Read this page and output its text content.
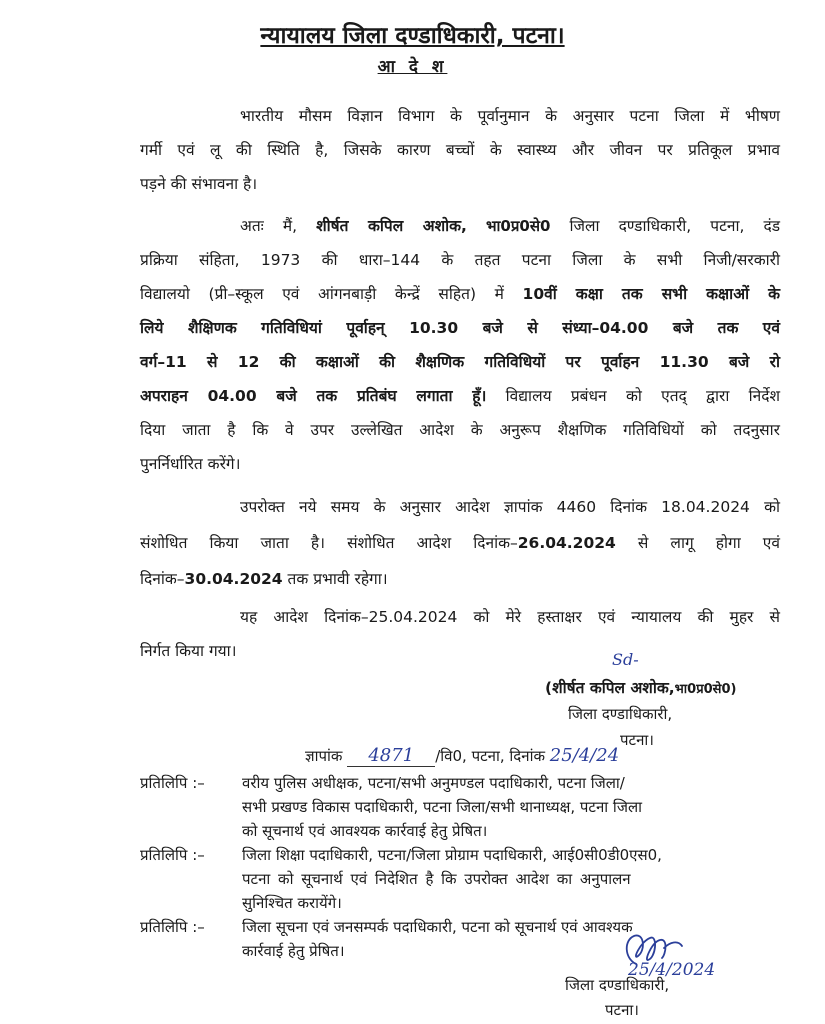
न्यायालय जिला दण्डाधिकारी, पटना।
आ दे श
भारतीय मौसम विज्ञान विभाग के पूर्वानुमान के अनुसार पटना जिला में भीषण
गर्मी एवं लू की स्थिति है, जिसके कारण बच्चों के स्वास्थ्य और जीवन पर प्रतिकूल प्रभाव
पड़ने की संभावना है।
अतः मैं, शीर्षत कपिल अशोक, भा0प्र0से0 जिला दण्डाधिकारी, पटना, दंड
प्रक्रिया संहिता, 1973 की धारा–144 के तहत पटना जिला के सभी निजी/सरकारी
विद्यालयो (प्री–स्कूल एवं आंगनबाड़ी केन्द्रें सहित) में 10वीं कक्षा तक सभी कक्षाओं के
लिये शैक्षिणक गतिविधियां पूर्वाहन् 10.30 बजे से संध्या–04.00 बजे तक एवं
वर्ग–11 से 12 की कक्षाओं की शैक्षणिक गतिविधियों पर पूर्वाहन 11.30 बजे रो
अपराहन 04.00 बजे तक प्रतिबंघ लगाता हूँ। विद्यालय प्रबंधन को एतद् द्वारा निर्देश
दिया जाता है कि वे उपर उल्लेखित आदेश के अनुरूप शैक्षणिक गतिविधियों को तदनुसार
पुनर्निर्धारित करेंगे।
उपरोक्त नये समय के अनुसार आदेश ज्ञापांक 4460 दिनांक 18.04.2024 को
संशोधित किया जाता है। संशोधित आदेश दिनांक–26.04.2024 से लागू होगा एवं
दिनांक–30.04.2024 तक प्रभावी रहेगा।
यह आदेश दिनांक–25.04.2024 को मेरे हस्ताक्षर एवं न्यायालय की मुहर से
निर्गत किया गया।	Sd-
(शीर्षत कपिल अशोक,भा0प्र0से0)
जिला दण्डाधिकारी,
पटना।
ज्ञापांक 4871 /वि0, पटना, दिनांक 25/4/24
प्रतिलिपि :– वरीय पुलिस अधीक्षक, पटना/सभी अनुमण्डल पदाधिकारी, पटना जिला/
सभी प्रखण्ड विकास पदाधिकारी, पटना जिला/सभी थानाध्यक्ष, पटना जिला
को सूचनार्थ एवं आवश्यक कार्रवाई हेतु प्रेषित।
प्रतिलिपि :– जिला शिक्षा पदाधिकारी, पटना/जिला प्रोग्राम पदाधिकारी, आई0सी0डी0एस0,
पटना को सूचनार्थ एवं निदेशित है कि उपरोक्त आदेश का अनुपालन
सुनिश्चित करायेंगे।
प्रतिलिपि :– जिला सूचना एवं जनसम्पर्क पदाधिकारी, पटना को सूचनार्थ एवं आवश्यक
कार्रवाई हेतु प्रेषित।
25/4/2024
जिला दण्डाधिकारी,
पटना।
